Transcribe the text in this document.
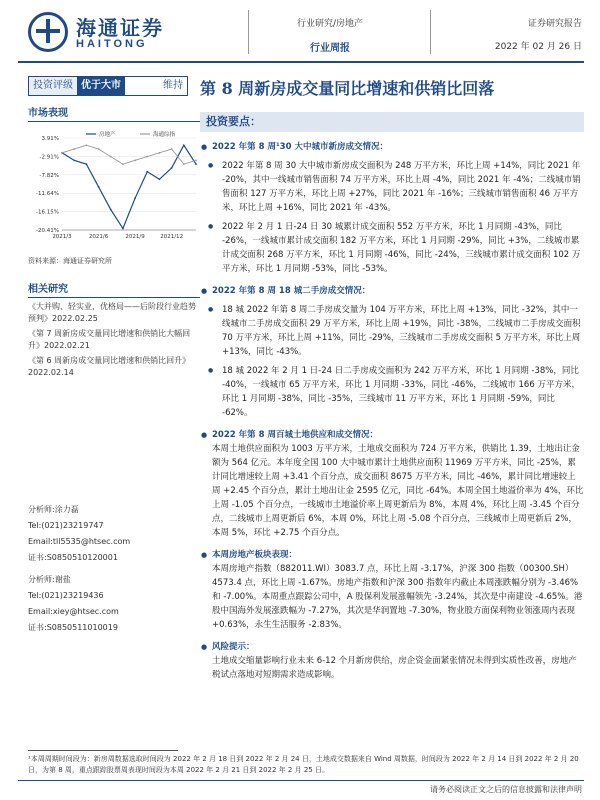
海通证券
HAITONG
行业研究/房地产
行业周报
证券研究报告
2022 年 02 月 26 日
投资评级 优于大市	维持 第 8 周新房成交量同比增速和供销比回落
市场表现
3.91%
-2.91%
-7.82%
-11.64%
-16.15%
-20.41%
2021/3	2021/6	2021/9	2021/12
房地产	海通综指
资料来源：海通证券研究所
相关研究
《大并购、轻实业，优格局——后阶段行业趋势预判》2022.02.25
《第 7 周新房成交量同比增速和供销比大幅回升》2022.02.21
《第 6 周新房成交量同比增速和供销比回升》2022.02.14
分析师:涂力磊
Tel:(021)23219747
Email:tll5535@htsec.com
证书:S0850510120001
分析师:谢盐
Tel:(021)23219436
Email:xiey@htsec.com
证书:S0850511010019
投资要点：
● 2022 年第 8 周¹30 大中城市新房成交情况：
● 2022 年第 8 周 30 大中城市新房成交面积为 248 万平方米，环比上周 +14%，同比 2021 年 -20%，其中一线城市销售面积 74 万平方米，环比上周 -4%，同比 2021 年 -4%；二线城市销售面积 127 万平方米，环比上周 +27%，同比 2021 年 -16%；三线城市销售面积 46 万平方米，环比上周 +16%，同比 2021 年 -43%。
● 2022 年 2 月 1 日-24 日 30 城累计成交面积 552 万平方米，环比 1 月同期 -43%，同比 -26%，一线城市累计成交面积 182 万平方米，环比 1 月同期 -29%，同比 +3%，二线城市累计成交面积 268 万平方米，环比 1 月同期 -46%，同比 -24%，三线城市累计成交面积 102 万平方米，环比 1 月同期 -53%，同比 -53%。
● 2022 年第 8 周 18 城二手房成交情况：
● 18 城 2022 年第 8 周二手房成交量为 104 万平方米，环比上周 +13%，同比 -32%，其中一线城市二手房成交面积 29 万平方米，环比上周 +19%，同比 -38%，二线城市二手房成交面积 70 万平方米，环比上周 +11%，同比 -29%，三线城市二手房成交面积 5 万平方米，环比上周 +13%，同比 -43%。
● 18 城 2022 年 2 月 1 日-24 日二手房成交面积为 242 万平方米，环比 1 月同期 -38%，同比 -40%，一线城市 65 万平方米，环比 1 月同期 -33%，同比 -46%，二线城市 166 万平方米，环比 1 月同期 -38%，同比 -35%，三线城市 11 万平方米，环比 1 月同期 -59%，同比 -62%。
● 2022 年第 8 周百城土地供应和成交情况：
本周土地供应面积为 1003 万平方米，土地成交面积为 724 万平方米，供销比 1.39，土地出让金额为 564 亿元。本年度全国 100 大中城市累计土地供应面积 11969 万平方米，同比 -25%，累计同比增速较上周 +3.41 个百分点，成交面积 8675 万平方米，同比 -46%，累计同比增速较上周 +2.45 个百分点，累计土地出让金 2595 亿元，同比 -64%。本周全国土地溢价率为 4%，环比上周 -1.05 个百分点，一线城市土地溢价率上周更新后为 8%，本周 4%，环比上周 -3.45 个百分点，二线城市上周更新后 6%，本周 0%，环比上周 -5.08 个百分点，三线城市上周更新后 2%，本周 5%，环比 +2.75 个百分点。
● 本周房地产板块表现：
本周房地产指数（882011.WI）3083.7 点，环比上周 -3.17%，沪深 300 指数（00300.SH）4573.4 点，环比上周 -1.67%。房地产指数和沪深 300 指数年内截止本周涨跌幅分别为 -3.46%和 -7.00%。本周重点跟踪公司中，A 股保利发展涨幅领先 -3.24%，其次是中南建设 -4.65%。港股中国海外发展涨跌幅为 -7.27%，其次是华润置地 -7.30%，物业股方面保利物业领涨周内表现 +0.63%，永生生活服务 -2.83%。
● 风险提示：
土地成交缩量影响行业未来 6-12 个月新房供给，房企资金面紧张情况未得到实质性改善，房地产税试点落地对短期需求造成影响。
¹本周周期时间段为：新房周数据选取时间段为 2022 年 2 月 18 日到 2022 年 2 月 24 日，土地成交数据来自 Wind 周数据，时间段为 2022 年 2 月 14 日到 2022 年 2 月 20 日，为第 8 周，重点跟踪股票周表现时间段为本周 2022 年 2 月 21 日到 2022 年 2 月 25 日。
请务必阅读正文之后的信息披露和法律声明
